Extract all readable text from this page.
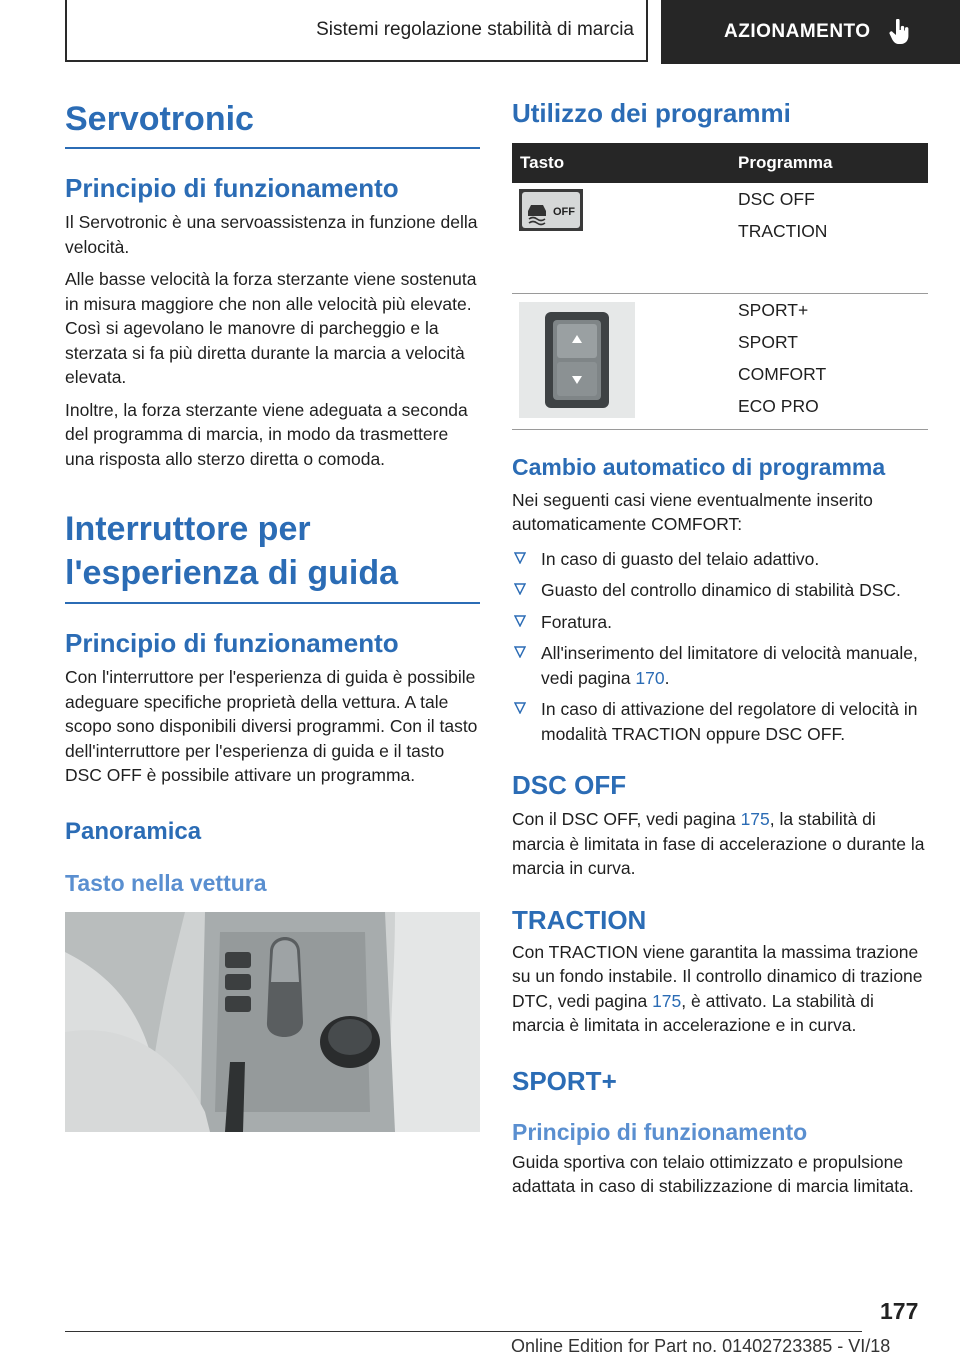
Sistemi regolazione stabilità di marcia	AZIONAMENTO
Servotronic
Principio di funzionamento

Il Servotronic è una servoassistenza in funzione della velocità.

Alle basse velocità la forza sterzante viene sostenuta in misura maggiore che non alle velocità più elevate. Così si agevolano le manovre di parcheggio e la sterzata si fa più diretta durante la marcia a velocità elevata.

Inoltre, la forza sterzante viene adeguata a seconda del programma di marcia, in modo da trasmettere una risposta allo sterzo diretta o comoda.

Interruttore per
l'esperienza di guida
Principio di funzionamento

Con l'interruttore per l'esperienza di guida è possibile adeguare specifiche proprietà della vettura. A tale scopo sono disponibili diversi programmi. Con il tasto dell'interruttore per l'esperienza di guida e il tasto DSC OFF è possibile attivare un programma.

Panoramica
Tasto nella vettura
Utilizzo dei programmi
Tasto	Programma

OFF	DSC OFF
TRACTION

SPORT+
SPORT
COMFORT
ECO PRO
Cambio automatico di programma

Nei seguenti casi viene eventualmente inserito automaticamente COMFORT:

In caso di guasto del telaio adattivo.
Guasto del controllo dinamico di stabilità DSC.
Foratura.
All'inserimento del limitatore di velocità manuale, vedi pagina 170.
In caso di attivazione del regolatore di velocità in modalità TRACTION oppure DSC OFF.
DSC OFF

Con il DSC OFF, vedi pagina 175, la stabilità di marcia è limitata in fase di accelerazione o durante la marcia in curva.

TRACTION

Con TRACTION viene garantita la massima trazione su un fondo instabile. Il controllo dinamico di trazione DTC, vedi pagina 175, è attivato. La stabilità di marcia è limitata in accelerazione e in curva.

SPORT+
Principio di funzionamento

Guida sportiva con telaio ottimizzato e propulsione adattata in caso di stabilizzazione di marcia limitata.

177
Online Edition for Part no. 01402723385 - VI/18
